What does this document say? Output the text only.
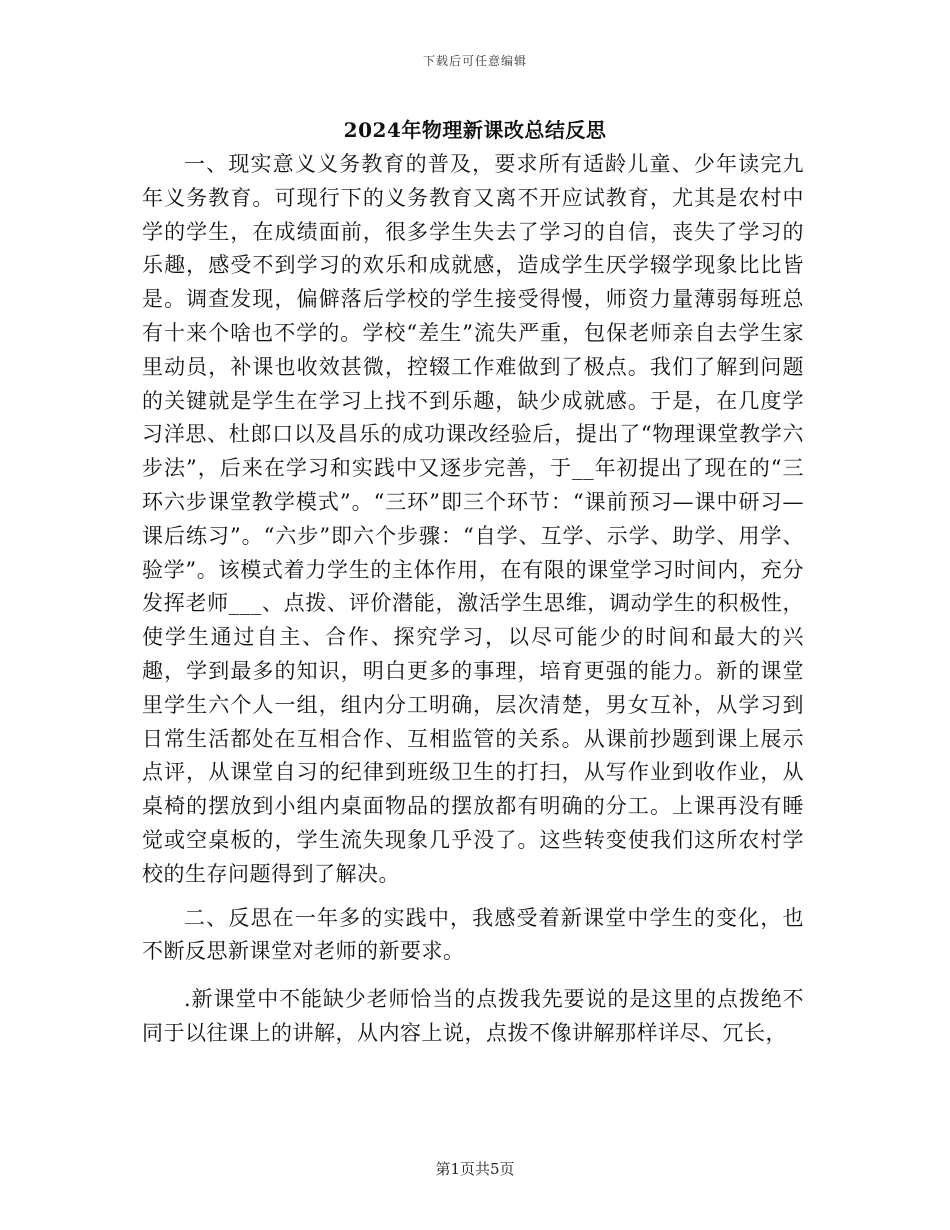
下载后可任意编辑
2024年物理新课改总结反思

一、现实意义义务教育的普及，要求所有适龄儿童、少年读完九年义务教育。可现行下的义务教育又离不开应试教育，尤其是农村中学的学生，在成绩面前，很多学生失去了学习的自信，丧失了学习的乐趣，感受不到学习的欢乐和成就感，造成学生厌学辍学现象比比皆是。调查发现，偏僻落后学校的学生接受得慢，师资力量薄弱每班总有十来个啥也不学的。学校“差生”流失严重，包保老师亲自去学生家里动员，补课也收效甚微，控辍工作难做到了极点。我们了解到问题的关键就是学生在学习上找不到乐趣，缺少成就感。于是，在几度学习洋思、杜郎口以及昌乐的成功课改经验后，提出了“物理课堂教学六步法”，后来在学习和实践中又逐步完善，于__年初提出了现在的“三环六步课堂教学模式”。“三环”即三个环节：“课前预习—课中研习—课后练习”。“六步”即六个步骤：“自学、互学、示学、助学、用学、验学”。该模式着力学生的主体作用，在有限的课堂学习时间内，充分发挥老师___、点拨、评价潜能，激活学生思维，调动学生的积极性，使学生通过自主、合作、探究学习，以尽可能少的时间和最大的兴趣，学到最多的知识，明白更多的事理，培育更强的能力。新的课堂里学生六个人一组，组内分工明确，层次清楚，男女互补，从学习到日常生活都处在互相合作、互相监管的关系。从课前抄题到课上展示点评，从课堂自习的纪律到班级卫生的打扫，从写作业到收作业，从桌椅的摆放到小组内桌面物品的摆放都有明确的分工。上课再没有睡觉或空桌板的，学生流失现象几乎没了。这些转变使我们这所农村学校的生存问题得到了解决。

二、反思在一年多的实践中，我感受着新课堂中学生的变化，也不断反思新课堂对老师的新要求。

.新课堂中不能缺少老师恰当的点拨我先要说的是这里的点拨绝不同于以往课上的讲解，从内容上说，点拨不像讲解那样详尽、冗长，

第1页共5页
